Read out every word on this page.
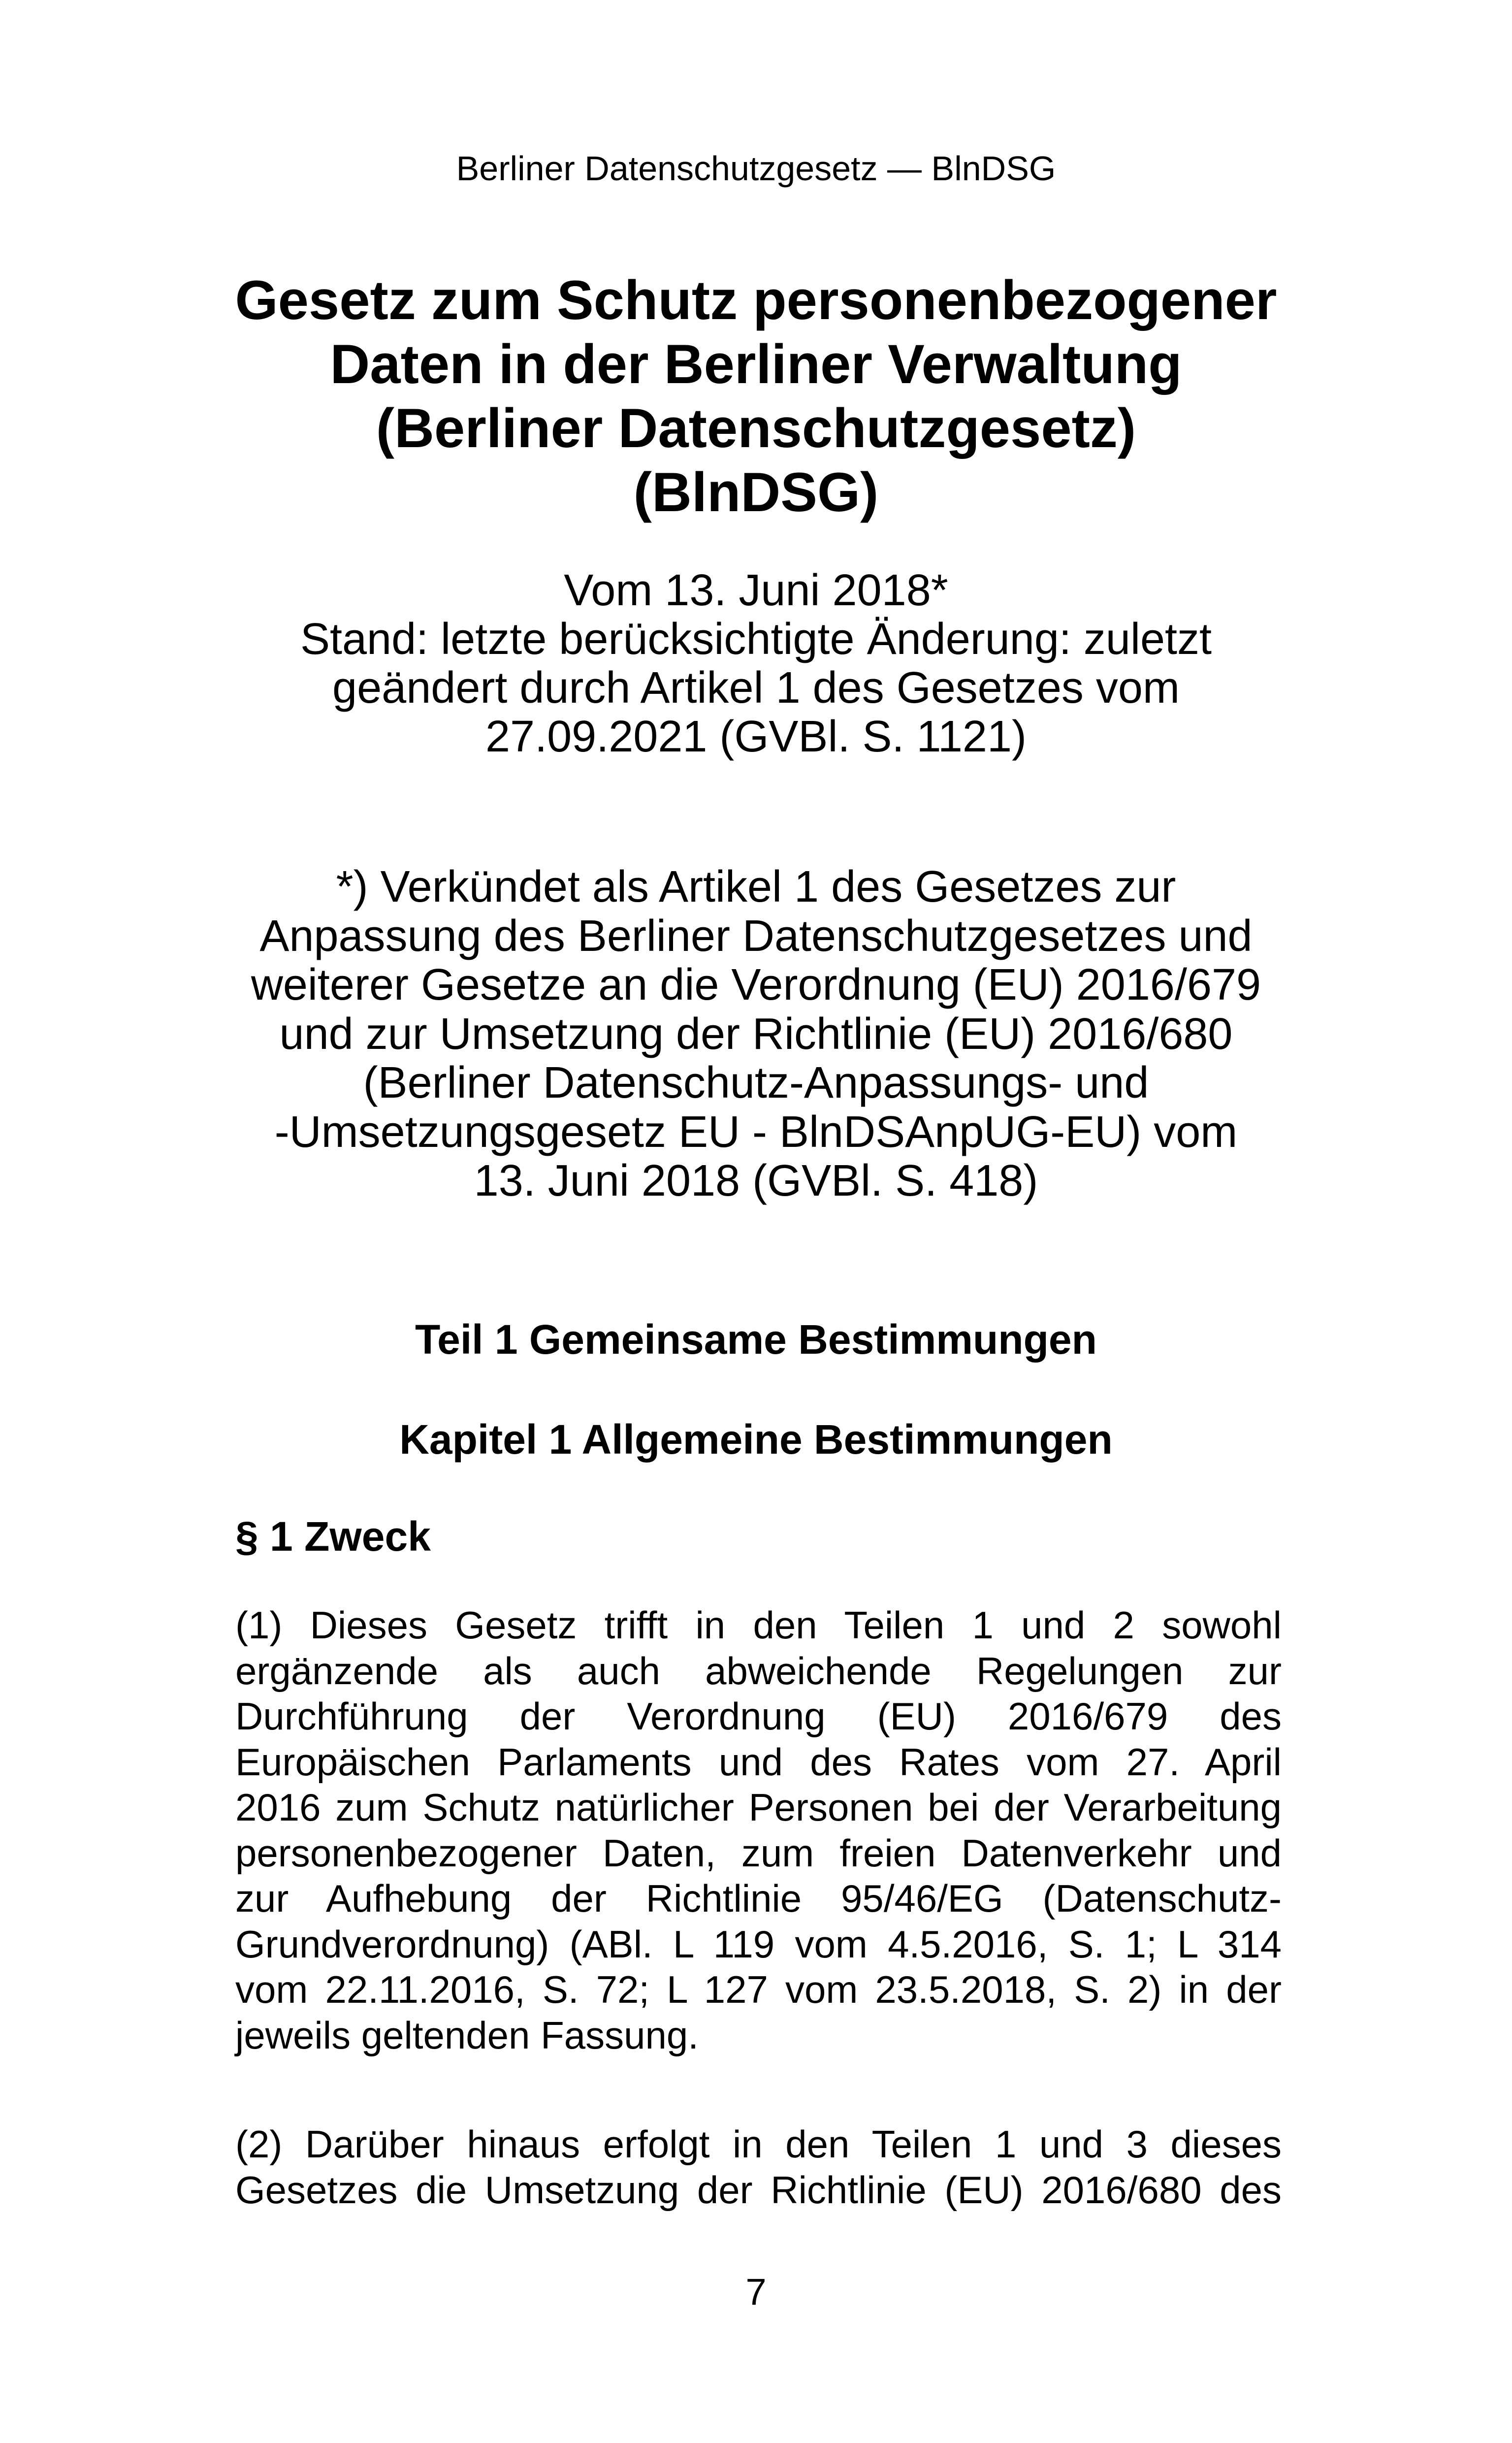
Berliner Datenschutzgesetz — BlnDSG
Gesetz zum Schutz personenbezogener
Daten in der Berliner Verwaltung
(Berliner Datenschutzgesetz)
(BlnDSG)
Vom 13. Juni 2018*
Stand: letzte berücksichtigte Änderung: zuletzt
geändert durch Artikel 1 des Gesetzes vom
27.09.2021 (GVBl. S. 1121)
*) Verkündet als Artikel 1 des Gesetzes zur
Anpassung des Berliner Datenschutzgesetzes und
weiterer Gesetze an die Verordnung (EU) 2016/679
und zur Umsetzung der Richtlinie (EU) 2016/680
(Berliner Datenschutz-Anpassungs- und
-Umsetzungsgesetz EU - BlnDSAnpUG-EU) vom
13. Juni 2018 (GVBl. S. 418)
Teil 1 Gemeinsame Bestimmungen
Kapitel 1 Allgemeine Bestimmungen
§ 1 Zweck

(1) Dieses Gesetz trifft in den Teilen 1 und 2 sowohl
ergänzende als auch abweichende Regelungen zur
Durchführung der Verordnung (EU) 2016/679 des
Europäischen Parlaments und des Rates vom 27. April
2016 zum Schutz natürlicher Personen bei der Verarbeitung
personenbezogener Daten, zum freien Datenverkehr und
zur Aufhebung der Richtlinie 95/46/EG (Datenschutz-
Grundverordnung) (ABl. L 119 vom 4.5.2016, S. 1; L 314
vom 22.11.2016, S. 72; L 127 vom 23.5.2018, S. 2) in der
jeweils geltenden Fassung.

(2) Darüber hinaus erfolgt in den Teilen 1 und 3 dieses
Gesetzes die Umsetzung der Richtlinie (EU) 2016/680 des

7
